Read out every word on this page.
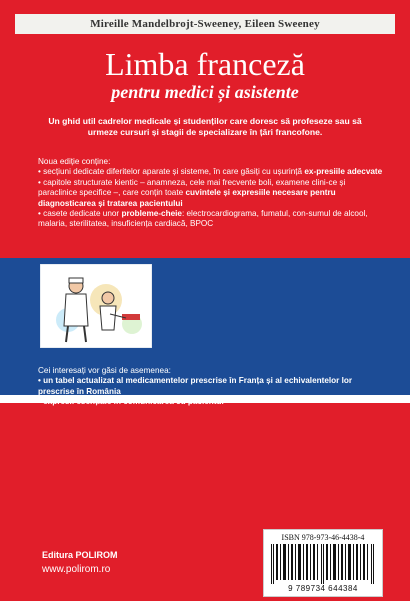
Mireille Mandelbrojt-Sweeney, Eileen Sweeney
Limba franceză
pentru medici și asistente
Un ghid util cadrelor medicale și studenților care doresc să profeseze sau să urmeze cursuri și stagii de specializare în țări francofone.

Noua ediție conține:

• secțiuni dedicate diferitelor aparate și sisteme, în care găsiți cu ușurință ex-presiile adecvate

• capitole structurate kientic – anamneza, cele mai frecvente boli, examene clini-ce și paraclinice specifice –, care conțin toate cuvintele și expresiile necesare pentru diagnosticarea și tratarea pacientului

• casete dedicate unor probleme-cheie: electrocardiograma, fumatul, con-sumul de alcool, malaria, sterilitatea, insuficiența cardiacă, BPOC

Cei interesați vor găsi de asemenea:

• un tabel actualizat al medicamentelor prescrise în Franța și al echivalentelor lor prescrise în România

• expresii esențiale în comunicarea cu pacientul

Editura POLIROM
www.polirom.ro
ISBN 978-973-46-4438-4
9 789734 644384
